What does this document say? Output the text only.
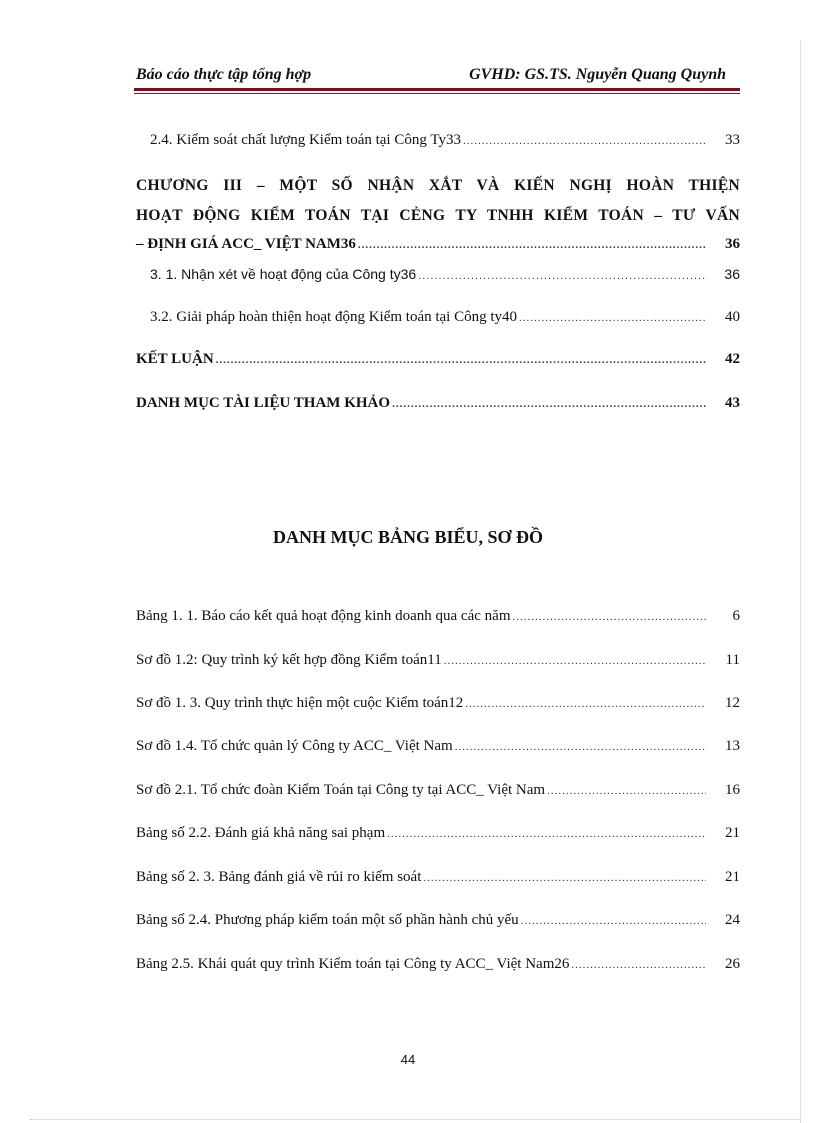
Báo cáo thực tập tổng hợp	GVHD: GS.TS. Nguyễn Quang Quynh
2.4. Kiểm soát chất lượng Kiểm toán tại Công Ty33 .....	33
CHƯƠNG III – MỘT SỐ NHẬN XẮT VÀ KIẾN NGHỊ HOÀN THIỆN
HOẠT ĐỘNG KIỂM TOÁN TẠI CẺNG TY TNHH KIỂM TOÁN – TƯ VẤN
– ĐỊNH GIÁ ACC_ VIỆT NAM36 .....	36
3. 1. Nhận xét về hoạt động của Công ty36 .....	36
3.2. Giải pháp hoàn thiện hoạt động Kiểm toán tại Công ty40 .....	40
KẾT LUẬN .....	42
DANH MỤC TÀI LIỆU THAM KHẢO .....	43
DANH MỤC BẢNG BIỂU, SƠ ĐỒ
Bảng 1. 1. Báo cáo kết quả hoạt động kinh doanh qua các năm .....	6
Sơ đồ 1.2: Quy trình ký kết hợp đồng Kiểm toán11 .....	11
Sơ đồ 1. 3. Quy trình thực hiện một cuộc Kiểm toán12 .....	12
Sơ đồ 1.4. Tổ chức quản lý Công ty ACC_ Việt Nam .....	13
Sơ đồ 2.1. Tổ chức đoàn Kiểm Toán tại Công ty tại ACC_ Việt Nam .....	16
Bảng số 2.2. Đánh giá khả năng sai phạm .....	21
Bảng số 2. 3. Bảng đánh giá về rủi ro kiểm soát .....	21
Bảng số 2.4. Phương pháp kiểm toán một số phần hành chủ yếu .....	24
Bảng 2.5. Khái quát quy trình Kiểm toán tại Công ty ACC_ Việt Nam26 .....	26
44
